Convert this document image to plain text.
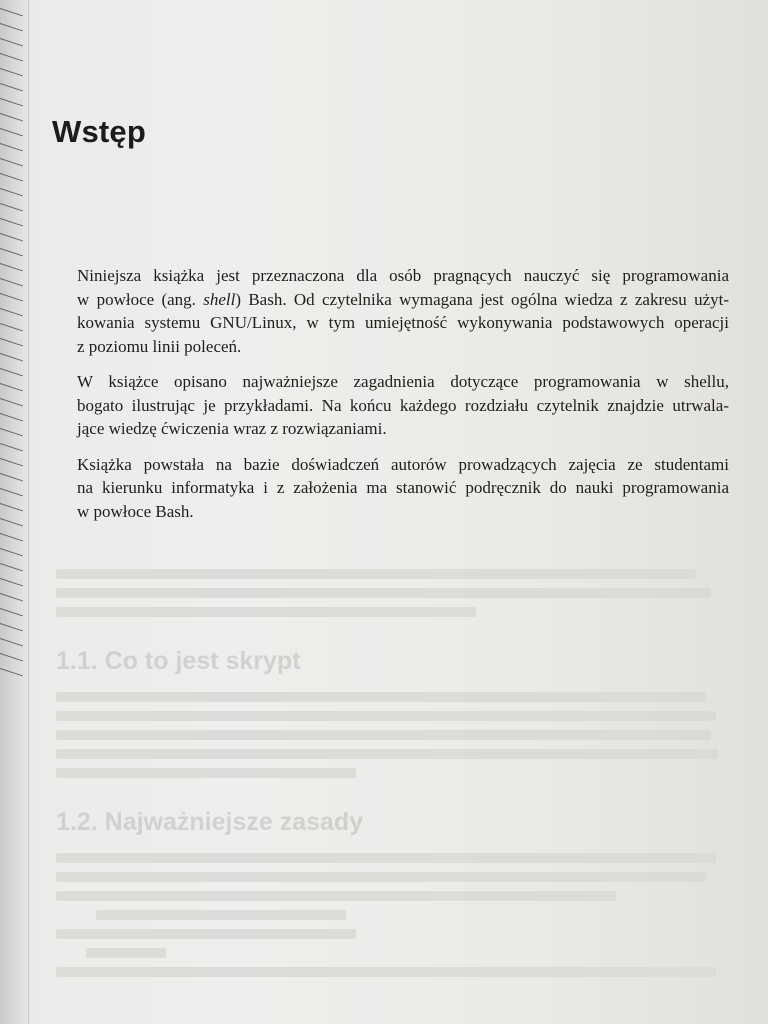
1.1. Co to jest skrypt
1.2. Najważniejsze zasady
Wstęp

Niniejsza książka jest przeznaczona dla osób pragnących nauczyć się programowania
w powłoce (ang. shell) Bash. Od czytelnika wymagana jest ogólna wiedza z zakresu użyt-
kowania systemu GNU/Linux, w tym umiejętność wykonywania podstawowych operacji
z poziomu linii poleceń.

W książce opisano najważniejsze zagadnienia dotyczące programowania w shellu,
bogato ilustrując je przykładami. Na końcu każdego rozdziału czytelnik znajdzie utrwala-
jące wiedzę ćwiczenia wraz z rozwiązaniami.

Książka powstała na bazie doświadczeń autorów prowadzących zajęcia ze studentami
na kierunku informatyka i z założenia ma stanowić podręcznik do nauki programowania
w powłoce Bash.
